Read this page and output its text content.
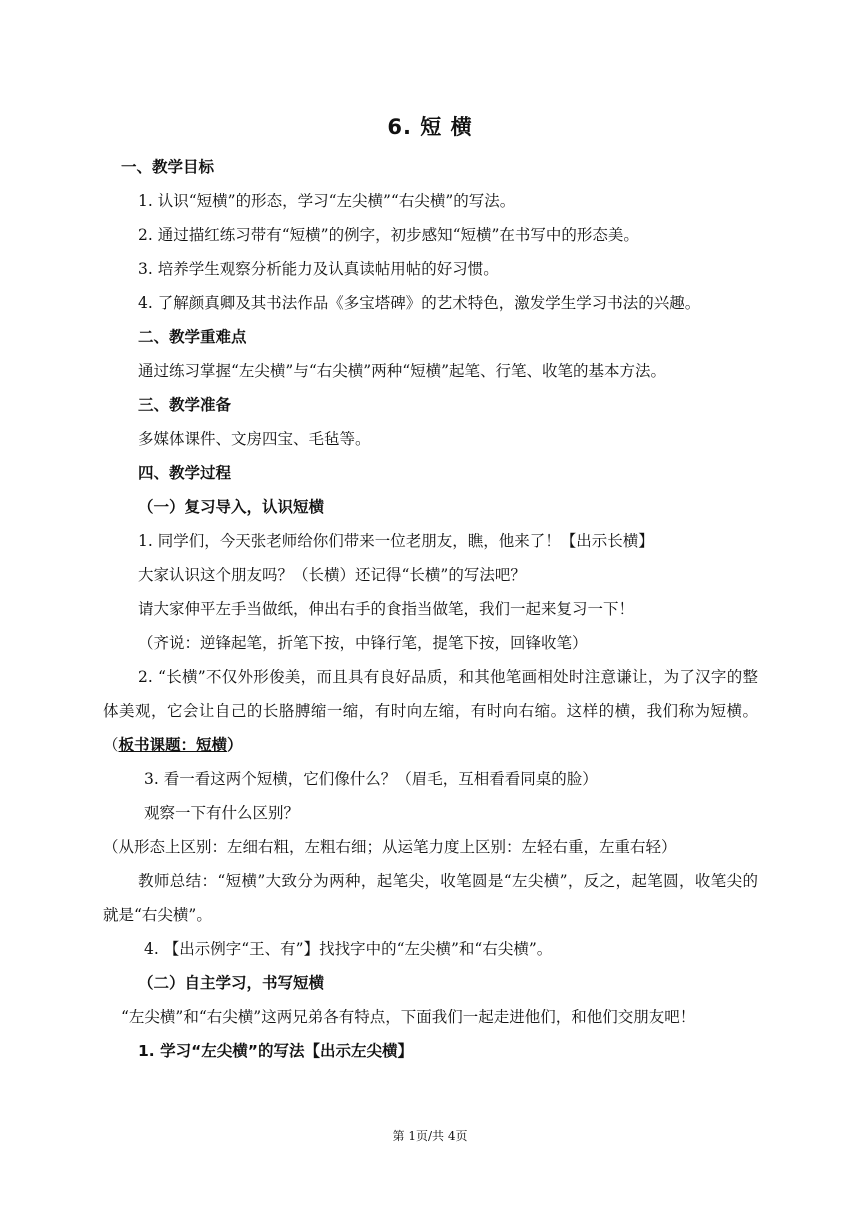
6. 短 横
一、教学目标
1. 认识“短横”的形态，学习“左尖横”“右尖横”的写法。
2. 通过描红练习带有“短横”的例字，初步感知“短横”在书写中的形态美。
3. 培养学生观察分析能力及认真读帖用帖的好习惯。
4. 了解颜真卿及其书法作品《多宝塔碑》的艺术特色，激发学生学习书法的兴趣。
二、教学重难点
通过练习掌握“左尖横”与“右尖横”两种“短横”起笔、行笔、收笔的基本方法。
三、教学准备
多媒体课件、文房四宝、毛毡等。
四、教学过程
（一）复习导入，认识短横
1. 同学们，今天张老师给你们带来一位老朋友，瞧，他来了！【出示长横】
大家认识这个朋友吗？（长横）还记得“长横”的写法吧？
请大家伸平左手当做纸，伸出右手的食指当做笔，我们一起来复习一下！
（齐说：逆锋起笔，折笔下按，中锋行笔，提笔下按，回锋收笔）
2. “长横”不仅外形俊美，而且具有良好品质，和其他笔画相处时注意谦让，为了汉字的整体美观，它会让自己的长胳膊缩一缩，有时向左缩，有时向右缩。这样的横，我们称为短横。（板书课题：短横）
3. 看一看这两个短横，它们像什么？（眉毛，互相看看同桌的脸）
观察一下有什么区别？
（从形态上区别：左细右粗，左粗右细；从运笔力度上区别：左轻右重，左重右轻）
教师总结：“短横”大致分为两种，起笔尖，收笔圆是“左尖横”，反之，起笔圆，收笔尖的就是“右尖横”。
4. 【出示例字“王、有”】找找字中的“左尖横”和“右尖横”。
（二）自主学习，书写短横
“左尖横”和“右尖横”这两兄弟各有特点，下面我们一起走进他们，和他们交朋友吧！
1. 学习“左尖横”的写法【出示左尖横】
第 1页/共 4页
